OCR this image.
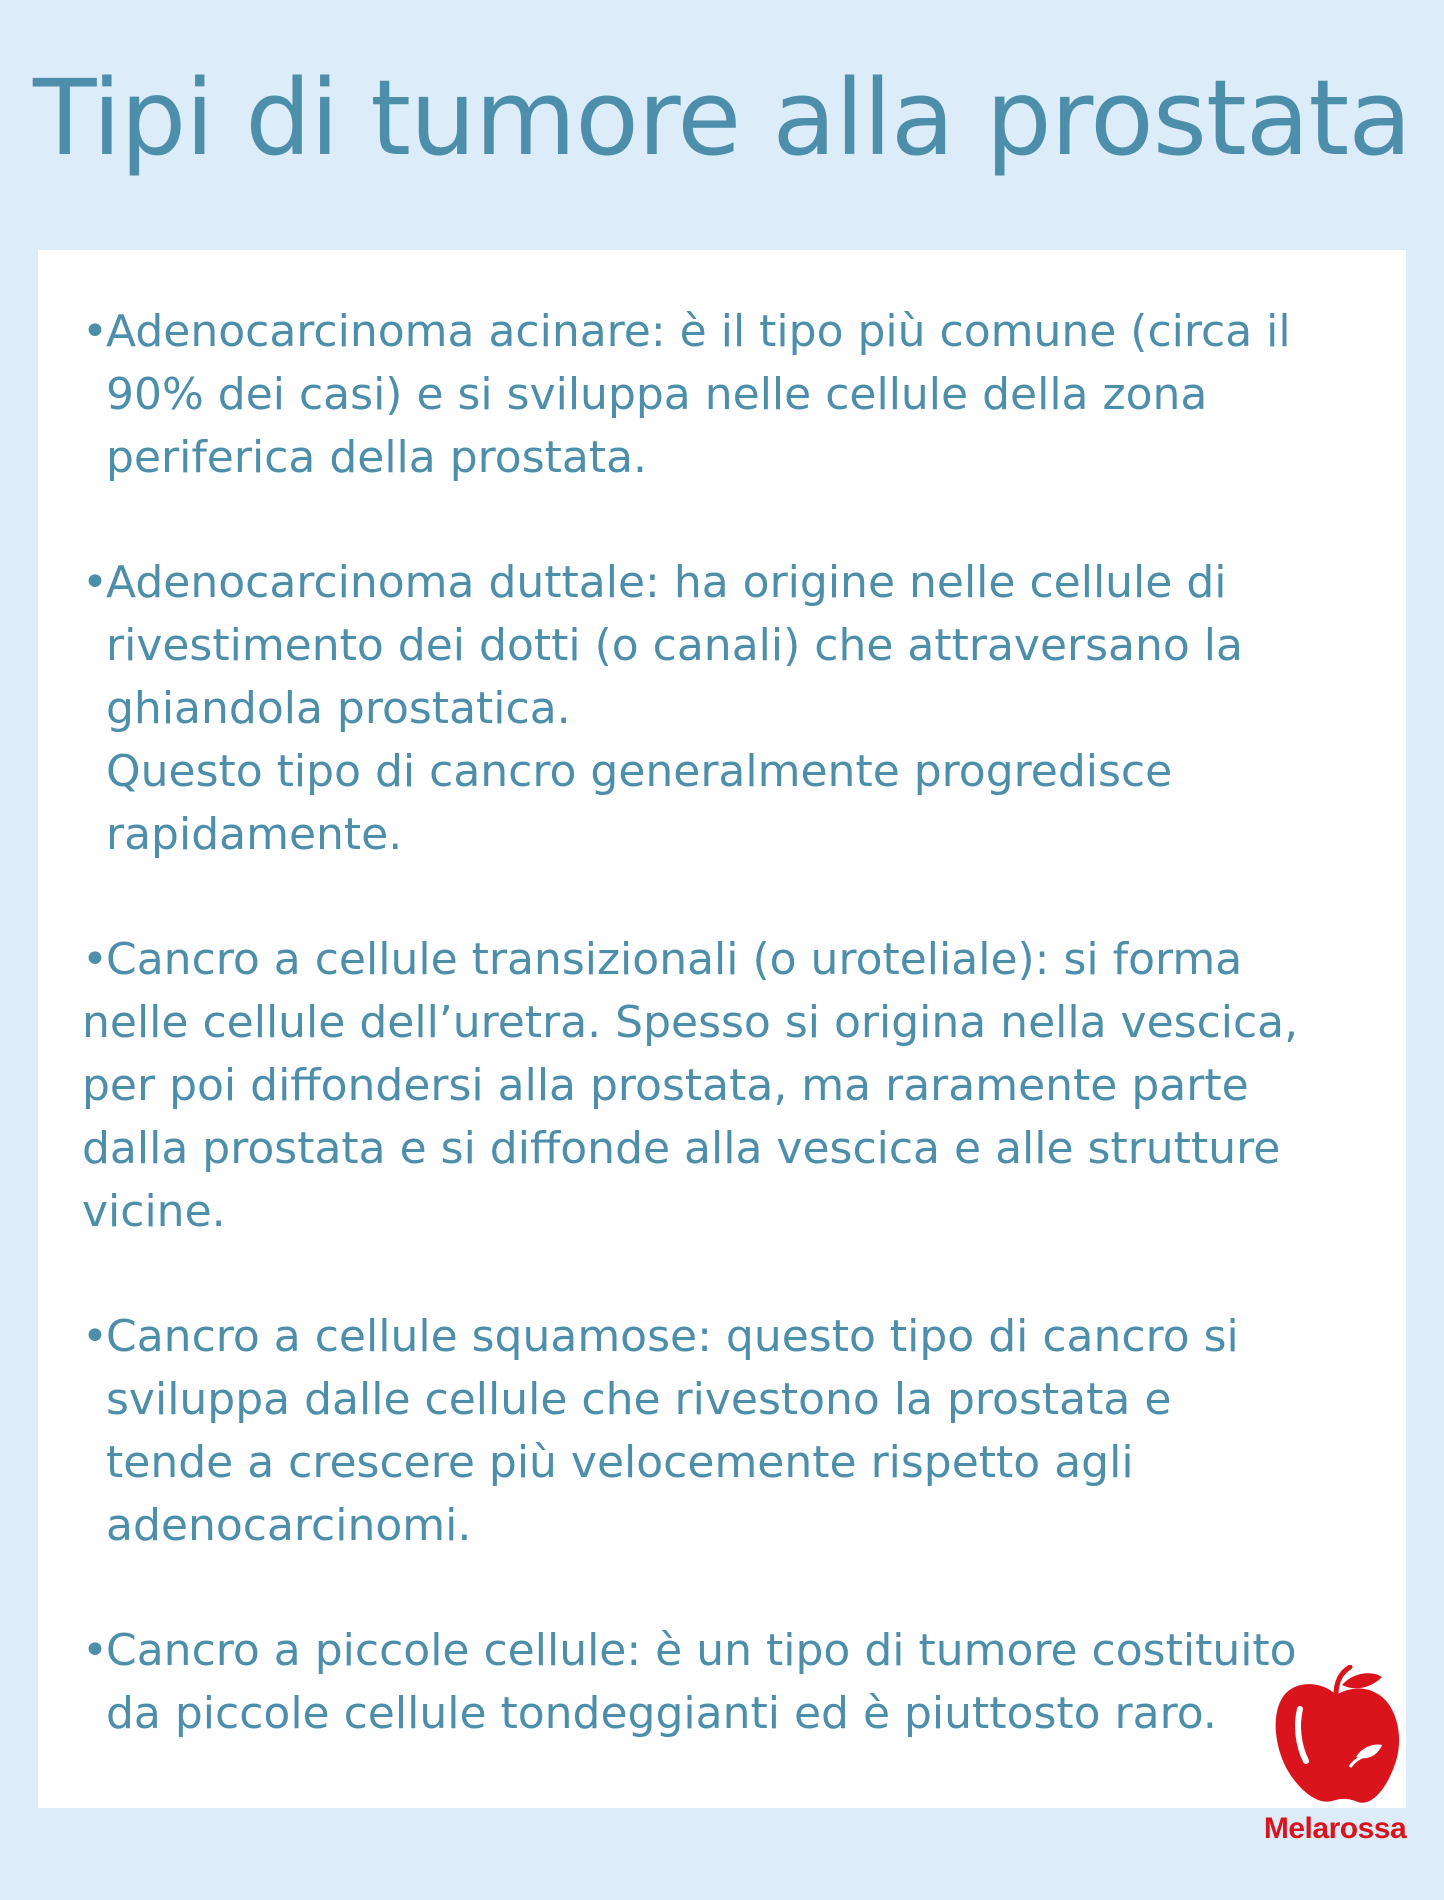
Tipi di tumore alla prostata
•
Adenocarcinoma acinare: è il tipo più comune (circa il
90% dei casi) e si sviluppa nelle cellule della zona
periferica della prostata.
•
Adenocarcinoma duttale: ha origine nelle cellule di
rivestimento dei dotti (o canali) che attraversano la
ghiandola prostatica.
Questo tipo di cancro generalmente progredisce
rapidamente.
•
Cancro a cellule transizionali (o uroteliale): si forma
nelle cellule dell’uretra. Spesso si origina nella vescica,
per poi diffondersi alla prostata, ma raramente parte
dalla prostata e si diffonde alla vescica e alle strutture
vicine.
•
Cancro a cellule squamose: questo tipo di cancro si
sviluppa dalle cellule che rivestono la prostata e
tende a crescere più velocemente rispetto agli
adenocarcinomi.
•
Cancro a piccole cellule: è un tipo di tumore costituito
da piccole cellule tondeggianti ed è piuttosto raro.
Melarossa
